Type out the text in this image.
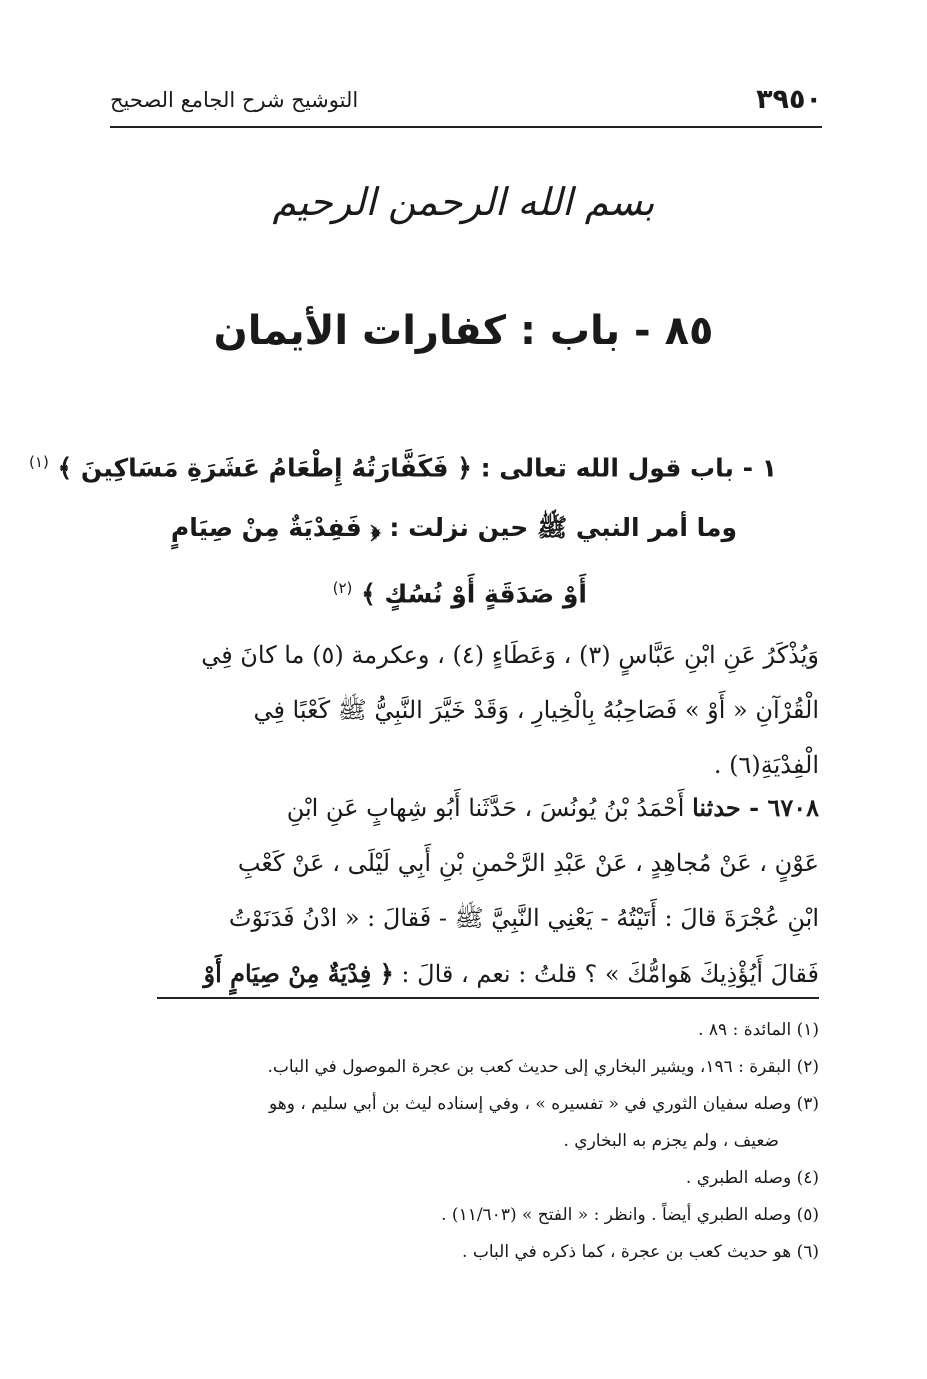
٣٩٥٠
التوشيح شرح الجامع الصحيح
بسم الله الرحمن الرحيم
٨٥ - باب : كفارات الأيمان
١ - باب قول الله تعالى : ﴿ فَكَفَّارَتُهُ إِطْعَامُ عَشَرَةِ مَسَاكِينَ ﴾ $^{(١)}$
وما أمر النبي ﷺ حين نزلت : ﴿ فَفِدْيَةٌ مِنْ صِيَامٍ
أَوْ صَدَقَةٍ أَوْ نُسُكٍ ﴾ $^{(٢)}$
وَيُذْكَرُ عَنِ ابْنِ عَبَّاسٍ (٣) ، وَعَطَاءٍ (٤) ، وعكرمة (٥) ما كانَ فِي
الْقُرْآنِ « أَوْ » فَصَاحِبُهُ بِالْخِيارِ ، وَقَدْ خَيَّرَ النَّبِيُّ ﷺ كَعْبًا فِي
الْفِدْيَةِ(٦) .
٦٧٠٨ - حدثنا أَحْمَدُ بْنُ يُونُسَ ، حَدَّثَنا أَبُو شِهابٍ عَنِ ابْنِ
عَوْنٍ ، عَنْ مُجاهِدٍ ، عَنْ عَبْدِ الرَّحْمنِ بْنِ أَبِي لَيْلَى ، عَنْ كَعْبِ
ابْنِ عُجْرَةَ قالَ : أَتَيْتُهُ - يَعْنِي النَّبِيَّ ﷺ - فَقالَ : « ادْنُ فَدَنَوْتُ
فَقالَ أَيُؤْذِيكَ هَوامُّكَ » ؟ قلتُ : نعم ، قالَ : ﴿ فِدْيَةٌ مِنْ صِيَامٍ أَوْ
(١) المائدة : ٨٩ .
(٢) البقرة : ١٩٦، ويشير البخاري إلى حديث كعب بن عجرة الموصول في الباب.
(٣) وصله سفيان الثوري في « تفسيره » ، وفي إسناده ليث بن أبي سليم ، وهو
ضعيف ، ولم يجزم به البخاري .
(٤) وصله الطبري .
(٥) وصله الطبري أيضاً . وانظر : « الفتح » (١١/٦٠٣) .
(٦) هو حديث كعب بن عجرة ، كما ذكره في الباب .
